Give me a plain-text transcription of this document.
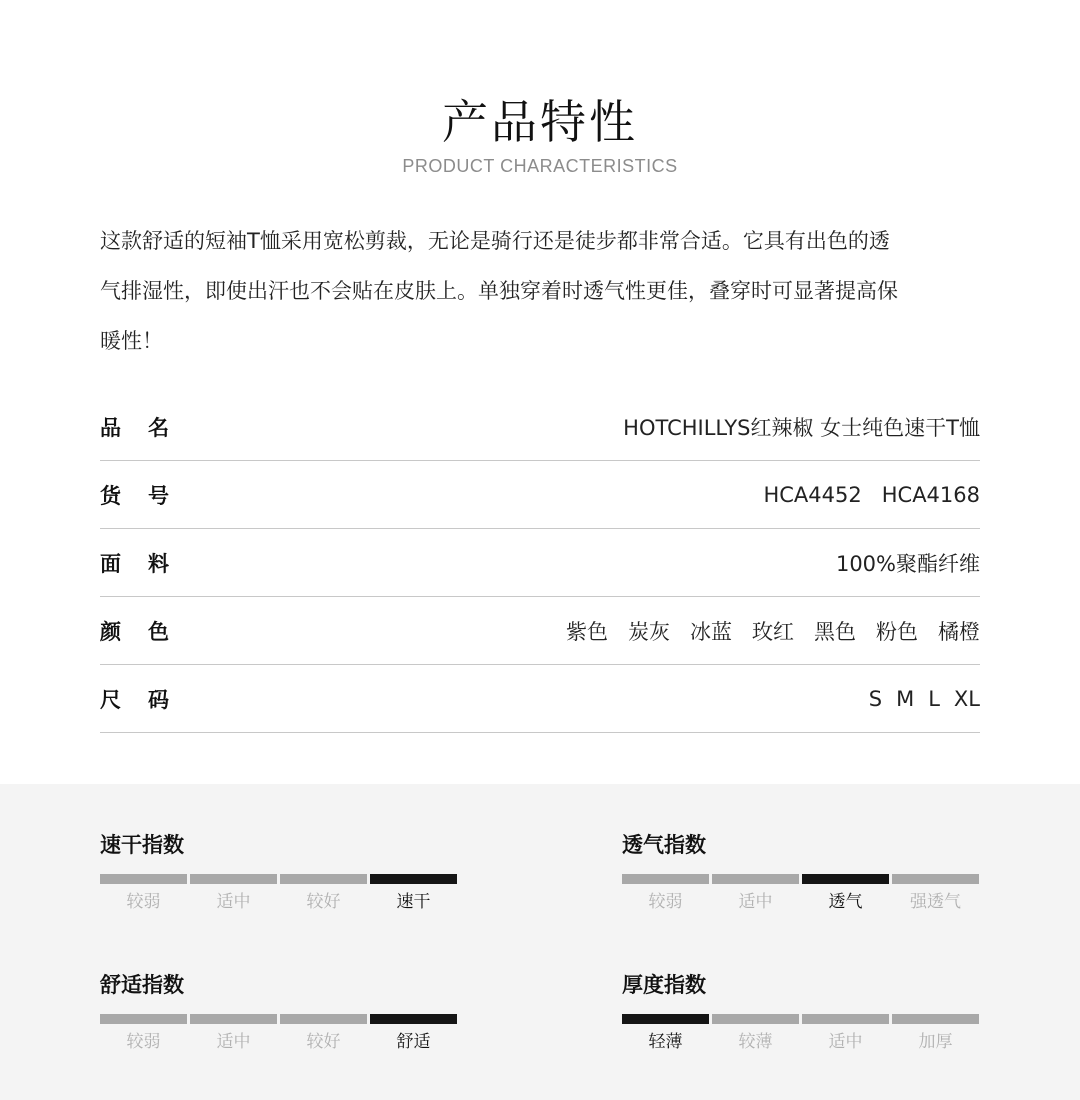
产品特性
PRODUCT CHARACTERISTICS
这款舒适的短袖T恤采用宽松剪裁，无论是骑行还是徒步都非常合适。它具有出色的透
气排湿性，即使出汗也不会贴在皮肤上。单独穿着时透气性更佳，叠穿时可显著提高保
暖性！
品	名	HOTCHILLYS红辣椒 女士纯色速干T恤
货	号	HCA4452 HCA4168
面	料	100%聚酯纤维
颜	色	紫色 炭灰 冰蓝 玫红 黑色 粉色 橘橙
尺	码	S M L XL
速干指数
较弱	适中	较好	速干
透气指数
较弱	适中	透气	强透气
舒适指数
较弱	适中	较好	舒适
厚度指数
轻薄	较薄	适中	加厚
